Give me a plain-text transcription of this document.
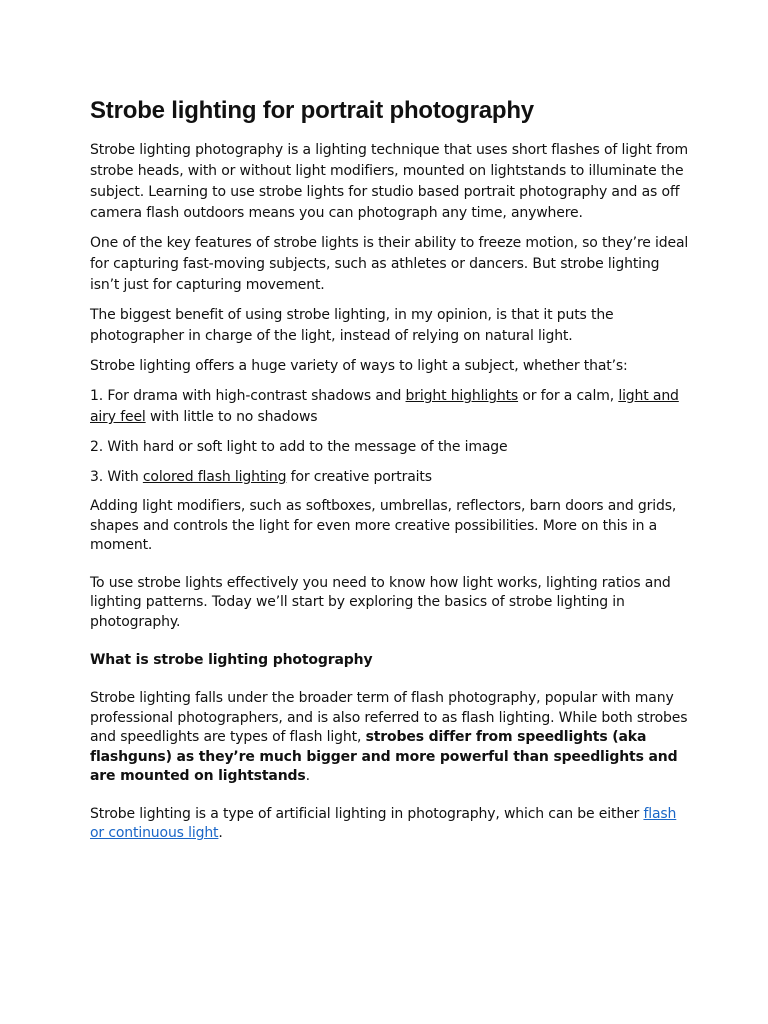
Strobe lighting for portrait photography

Strobe lighting photography is a lighting technique that uses short flashes of light from strobe heads, with or without light modifiers, mounted on lightstands to illuminate the subject. Learning to use strobe lights for studio based portrait photography and as off camera flash outdoors means you can photograph any time, anywhere.

One of the key features of strobe lights is their ability to freeze motion, so they’re ideal for capturing fast-moving subjects, such as athletes or dancers. But strobe lighting isn’t just for capturing movement.

The biggest benefit of using strobe lighting, in my opinion, is that it puts the photographer in charge of the light, instead of relying on natural light.

Strobe lighting offers a huge variety of ways to light a subject, whether that’s:

1. For drama with high-contrast shadows and bright highlights or for a calm, light and airy feel with little to no shadows

2. With hard or soft light to add to the message of the image

3. With colored flash lighting for creative portraits

Adding light modifiers, such as softboxes, umbrellas, reflectors, barn doors and grids, shapes and controls the light for even more creative possibilities. More on this in a moment.

To use strobe lights effectively you need to know how light works, lighting ratios and lighting patterns. Today we’ll start by exploring the basics of strobe lighting in photography.

What is strobe lighting photography

Strobe lighting falls under the broader term of flash photography, popular with many professional photographers, and is also referred to as flash lighting. While both strobes and speedlights are types of flash light, strobes differ from speedlights (aka flashguns) as they’re much bigger and more powerful than speedlights and are mounted on lightstands.

Strobe lighting is a type of artificial lighting in photography, which can be either flash or continuous light.
